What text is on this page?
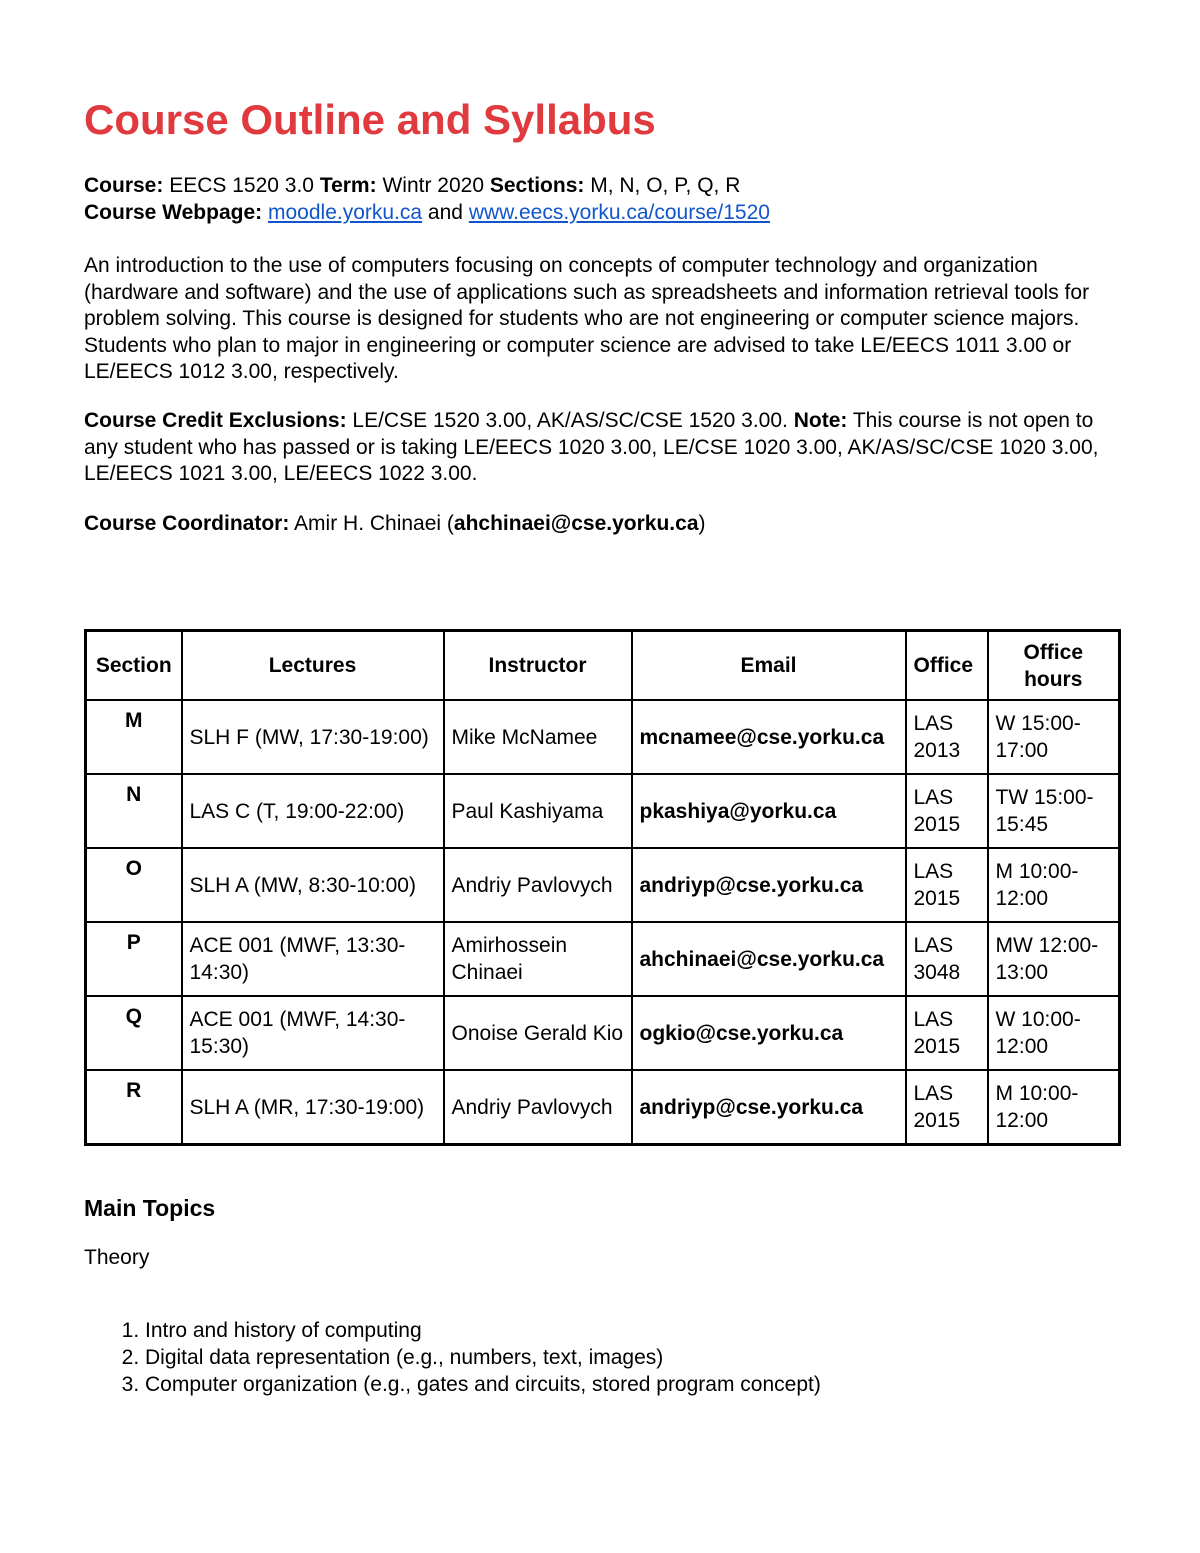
Course Outline and Syllabus
Course: EECS 1520 3.0 Term: Wintr 2020 Sections: M, N, O, P, Q, R
Course Webpage: moodle.yorku.ca and www.eecs.yorku.ca/course/1520

An introduction to the use of computers focusing on concepts of computer technology and organization (hardware and software) and the use of applications such as spreadsheets and information retrieval tools for problem solving. This course is designed for students who are not engineering or computer science majors. Students who plan to major in engineering or computer science are advised to take LE/EECS 1011 3.00 or LE/EECS 1012 3.00, respectively.

Course Credit Exclusions: LE/CSE 1520 3.00, AK/AS/SC/CSE 1520 3.00. Note: This course is not open to any student who has passed or is taking LE/EECS 1020 3.00, LE/CSE 1020 3.00, AK/AS/SC/CSE 1020 3.00, LE/EECS 1021 3.00, LE/EECS 1022 3.00.

Course Coordinator: Amir H. Chinaei (ahchinaei@cse.yorku.ca)
Section	Lectures	Instructor	Email	Office	Office hours
M	SLH F (MW, 17:30-19:00)	Mike McNamee	mcnamee@cse.yorku.ca	LAS 2013	W 15:00-17:00
N	LAS C (T, 19:00-22:00)	Paul Kashiyama	pkashiya@yorku.ca	LAS 2015	TW 15:00-15:45
O	SLH A (MW, 8:30-10:00)	Andriy Pavlovych	andriyp@cse.yorku.ca	LAS 2015	M 10:00-12:00
P	ACE 001 (MWF, 13:30-14:30)	Amirhossein Chinaei	ahchinaei@cse.yorku.ca	LAS 3048	MW 12:00-13:00
Q	ACE 001 (MWF, 14:30-15:30)	Onoise Gerald Kio	ogkio@cse.yorku.ca	LAS 2015	W 10:00-12:00
R	SLH A (MR, 17:30-19:00)	Andriy Pavlovych	andriyp@cse.yorku.ca	LAS 2015	M 10:00-12:00
Main Topics
Theory
1. Intro and history of computing
2. Digital data representation (e.g., numbers, text, images)
3. Computer organization (e.g., gates and circuits, stored program concept)
